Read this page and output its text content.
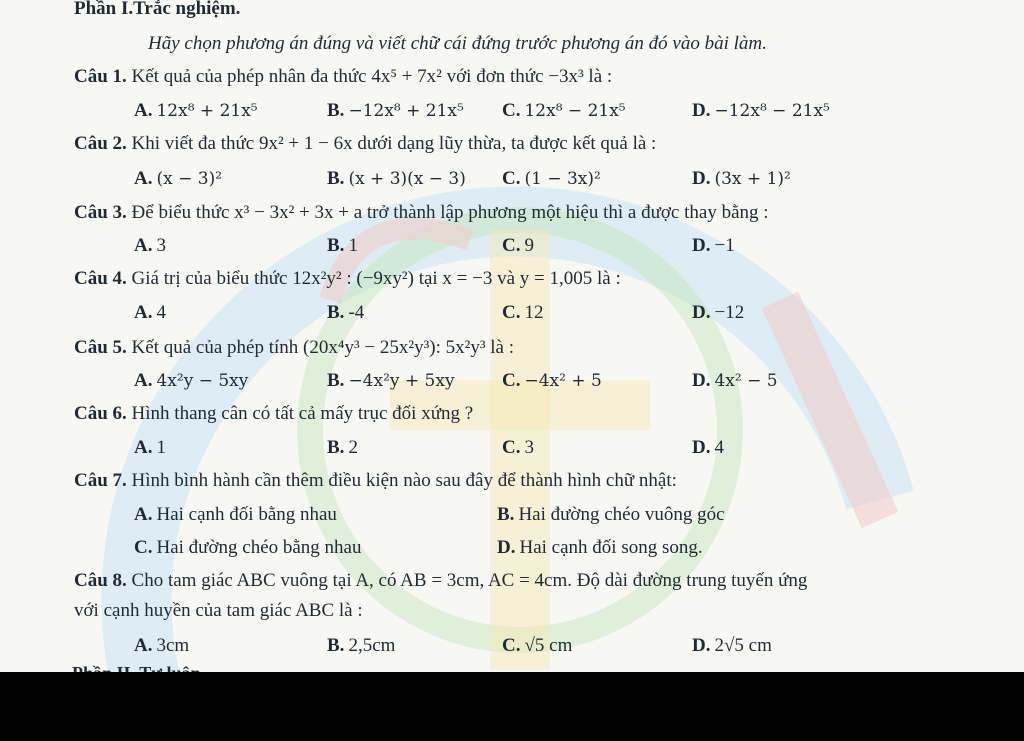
Phần I.Trắc nghiệm.
Hãy chọn phương án đúng và viết chữ cái đứng trước phương án đó vào bài làm.
Câu 1. Kết quả của phép nhân đa thức 4x⁵ + 7x² với đơn thức −3x³ là :
A. 12x⁸ + 21x⁵	B. −12x⁸ + 21x⁵ C. 12x⁸ − 21x⁵	D. −12x⁸ − 21x⁵
Câu 2. Khi viết đa thức 9x² + 1 − 6x dưới dạng lũy thừa, ta được kết quả là :
A. (x − 3)²	B. (x + 3)(x − 3) C. (1 − 3x)²	D. (3x + 1)²
Câu 3. Để biểu thức x³ − 3x² + 3x + a trở thành lập phương một hiệu thì a được thay bằng :
A. 3	B. 1	C. 9	D. −1
Câu 4. Giá trị của biểu thức 12x²y² : (−9xy²) tại x = −3 và y = 1,005 là :
A. 4	B. -4	C. 12	D. −12
Câu 5. Kết quả của phép tính (20x⁴y³ − 25x²y³): 5x²y³ là :
A. 4x²y − 5xy	B. −4x²y + 5xy C. −4x² + 5	D. 4x² − 5
Câu 6. Hình thang cân có tất cả mấy trục đối xứng ?
A. 1	B. 2	C. 3	D. 4
Câu 7. Hình bình hành cần thêm điều kiện nào sau đây để thành hình chữ nhật:
A. Hai cạnh đối bằng nhau	B. Hai đường chéo vuông góc
C. Hai đường chéo bằng nhau	D. Hai cạnh đối song song.
Câu 8. Cho tam giác ABC vuông tại A, có AB = 3cm, AC = 4cm. Độ dài đường trung tuyến ứng
với cạnh huyền của tam giác ABC là :
A. 3cm	B. 2,5cm	C. √5 cm	D. 2√5 cm
